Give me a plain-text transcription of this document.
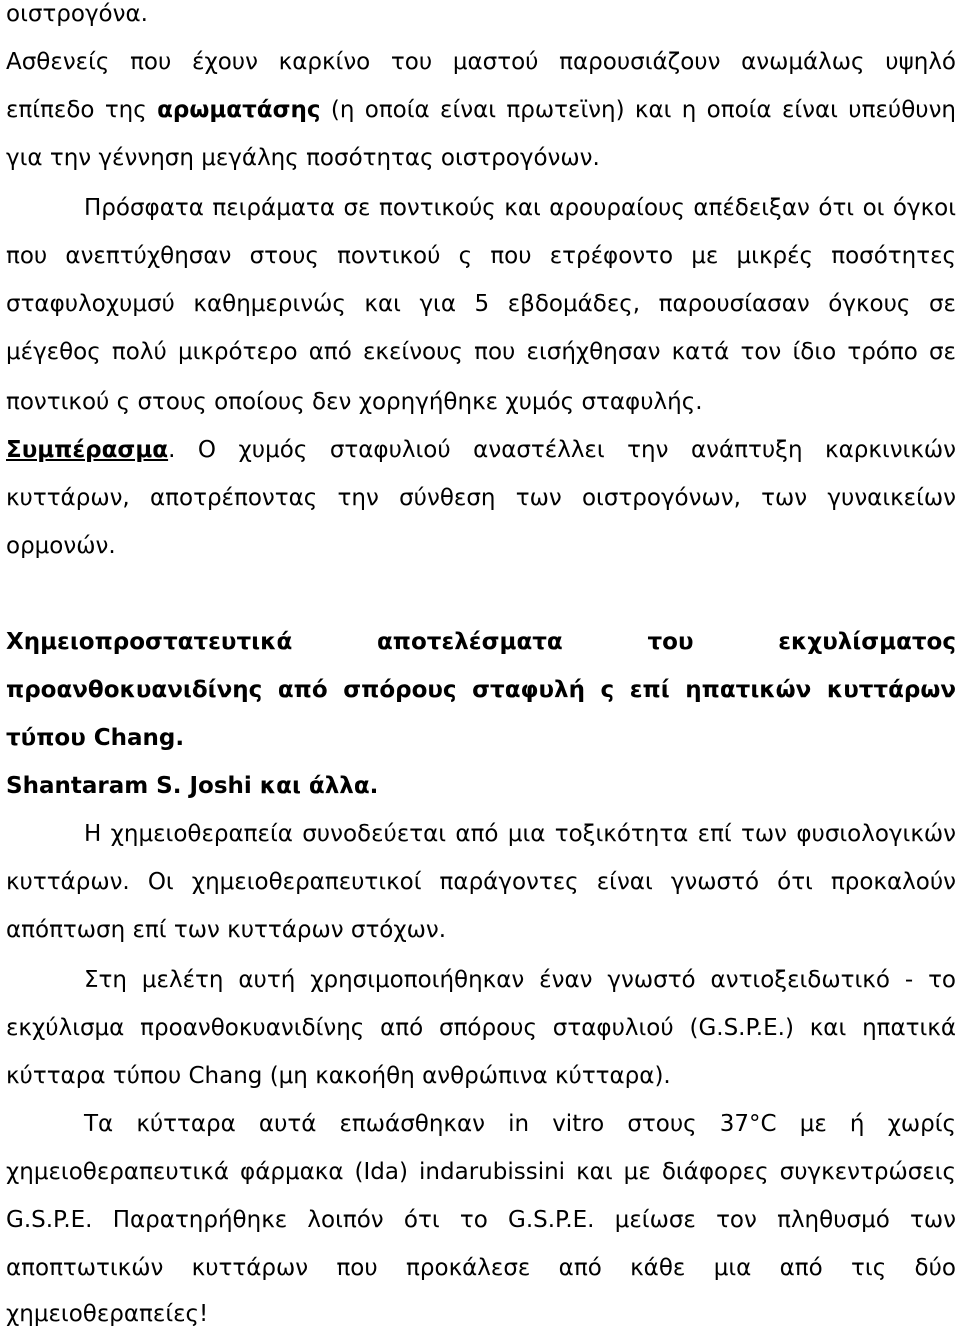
οιστρογόνα.
Ασθενείς που έχουν καρκίνο του μαστού παρουσιάζουν ανωμάλως υψηλό
επίπεδο της αρωματάσης (η οποία είναι πρωτεϊνη) και η οποία είναι υπεύθυνη
για την γέννηση μεγάλης ποσότητας οιστρογόνων.
Πρόσφατα πειράματα σε ποντικούς και αρουραίους απέδειξαν ότι οι όγκοι
που ανεπτύχθησαν στους ποντικού ς που ετρέφοντο με μικρές ποσότητες
σταφυλοχυμσύ καθημερινώς και για 5 εβδομάδες, παρουσίασαν όγκους σε
μέγεθος πολύ μικρότερο από εκείνους που εισήχθησαν κατά τον ίδιο τρόπο σε
ποντικού ς στους οποίους δεν χορηγήθηκε χυμός σταφυλής.
Συμπέρασμα. Ο χυμός σταφυλιού αναστέλλει την ανάπτυξη καρκινικών
κυττάρων, αποτρέποντας την σύνθεση των οιστρογόνων, των γυναικείων
ορμονών.
Χημειοπροστατευτικά αποτελέσματα του εκχυλίσματος
προανθοκυανιδίνης από σπόρους σταφυλή ς επί ηπατικών κυττάρων
τύπου Chang.
Shantaram S. Joshi και άλλα.
Η χημειοθεραπεία συνοδεύεται από μια τοξικότητα επί των φυσιολογικών
κυττάρων. Οι χημειοθεραπευτικοί παράγοντες είναι γνωστό ότι προκαλούν
απόπτωση επί των κυττάρων στόχων.
Στη μελέτη αυτή χρησιμοποιήθηκαν έναν γνωστό αντιοξειδωτικό - το
εκχύλισμα προανθοκυανιδίνης από σπόρους σταφυλιού (G.S.P.E.) και ηπατικά
κύτταρα τύπου Chang (μη κακοήθη ανθρώπινα κύτταρα).
Τα κύτταρα αυτά επωάσθηκαν in vitro στους 37°C με ή χωρίς
χημειοθεραπευτικά φάρμακα (Ida) indarubissini και με διάφορες συγκεντρώσεις
G.S.P.E. Παρατηρήθηκε λοιπόν ότι το G.S.P.E. μείωσε τον πληθυσμό των
αποπτωτικών κυττάρων που προκάλεσε από κάθε μια από τις δύο
χημειοθεραπείες!
